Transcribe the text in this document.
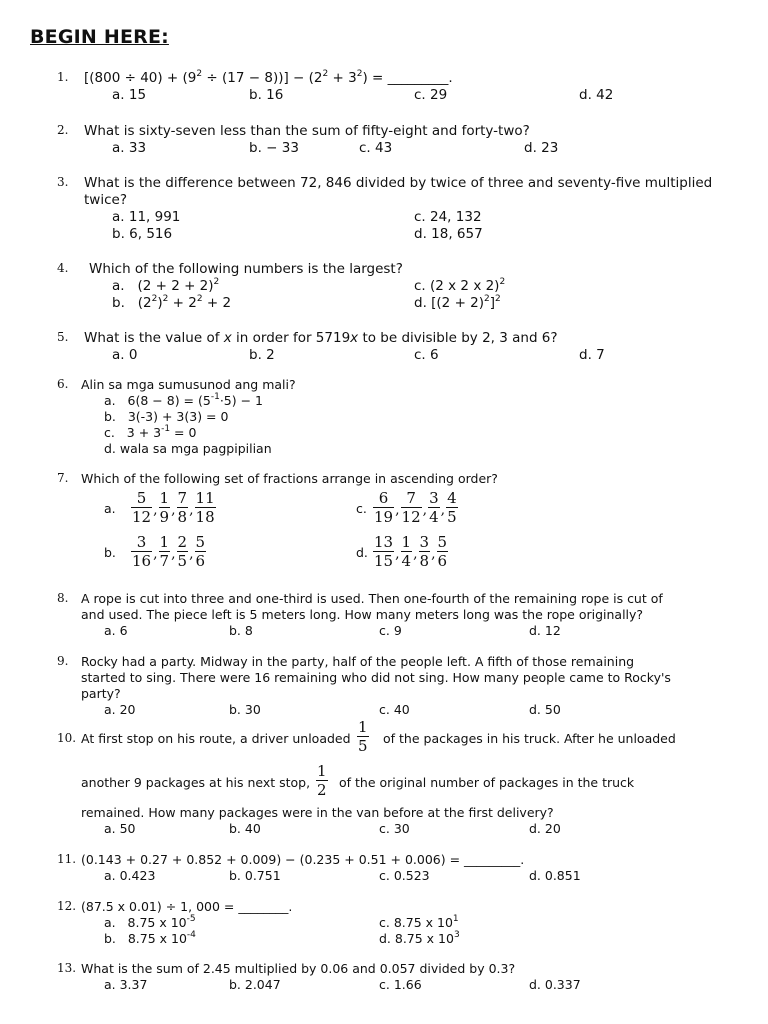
BEGIN HERE:
1. $[(800 \div 40) + (9^2 \div (17 - 8))] - (2^2 + 3^2)$ = _________.
a. 15	b. 16	c. 29	d. 42
2. What is sixty-seven less than the sum of fifty-eight and forty-two?
a. 33	b. − 33	c. 43	d. 23
3. What is the difference between 72, 846 divided by twice of three and seventy-five multiplied
twice?
a. 11, 991	c. 24, 132
b. 6, 516	d. 18, 657
4. Which of the following numbers is the largest?
a.   $(2 + 2 + 2)^2$	c. (2 x 2 x 2)$^2$
b.   $(2^2)^2 + 2^2 + 2$	d. $[(2 + 2)^2]^2$
5. What is the value of x in order for 5719x to be divisible by 2, 3 and 6?
a. 0	b. 2	c. 6	d. 7
6. Alin sa mga sumusunod ang mali?
a.   $6(8 - 8) = (5^{-1}\cdot 5) - 1$
b.   3(-3) + 3(3) = 0
c.   $3 + 3^{-1} = 0$
d. wala sa mga pagpipilian
7. Which of the following set of fractions arrange in ascending order?
a. $\frac{5}{12}$ , $\frac{1}{9}$ , $\frac{7}{8}$ , $\frac{11}{18}$	c. $\frac{6}{19}$ , $\frac{7}{12}$ , $\frac{3}{4}$ , $\frac{4}{5}$
b. $\frac{3}{16}$ , $\frac{1}{7}$ , $\frac{2}{5}$ , $\frac{5}{6}$	d. $\frac{13}{15}$ , $\frac{1}{4}$ , $\frac{3}{8}$ , $\frac{5}{6}$
8. A rope is cut into three and one-third is used. Then one-fourth of the remaining rope is cut of
and used. The piece left is 5 meters long. How many meters long was the rope originally?
a. 6	b. 8	c. 9	d. 12
9. Rocky had a party. Midway in the party, half of the people left. A fifth of those remaining
started to sing. There were 16 remaining who did not sing. How many people came to Rocky's
party?
a. 20	b. 30	c. 40	d. 50
10. At first stop on his route, a driver unloaded $\frac{1}{5}$ of the packages in his truck. After he unloaded
another 9 packages at his next stop, $\frac{1}{2}$ of the original number of packages in the truck
remained. How many packages were in the van before at the first delivery?
a. 50	b. 40	c. 30	d. 20
11. (0.143 + 0.27 + 0.852 + 0.009) − (0.235 + 0.51 + 0.006) = _________.
a. 0.423	b. 0.751	c. 0.523	d. 0.851
12. (87.5 x 0.01) ÷ 1, 000 = ________.
a.   8.75 x $10^{-5}$	c. 8.75 x $10^1$
b.   8.75 x $10^{-4}$	d. 8.75 x $10^3$
13. What is the sum of 2.45 multiplied by 0.06 and 0.057 divided by 0.3?
a. 3.37	b. 2.047	c. 1.66	d. 0.337
